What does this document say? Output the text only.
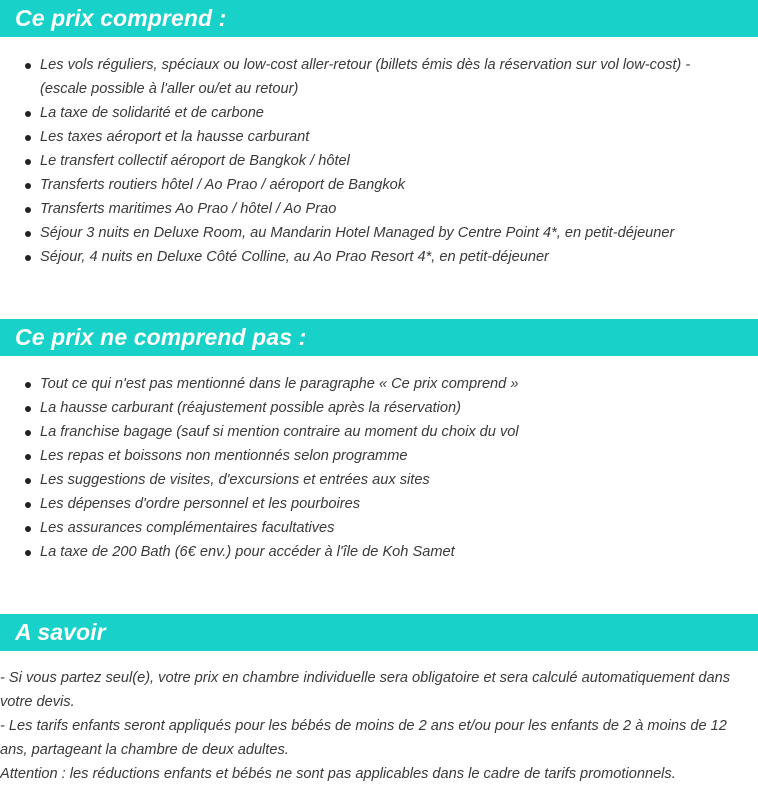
Ce prix comprend :
Les vols réguliers, spéciaux ou low-cost aller-retour (billets émis dès la réservation sur vol low-cost) - (escale possible à l'aller ou/et au retour)
La taxe de solidarité et de carbone
Les taxes aéroport et la hausse carburant
Le transfert collectif aéroport de Bangkok / hôtel
Transferts routiers hôtel / Ao Prao / aéroport de Bangkok
Transferts maritimes Ao Prao / hôtel / Ao Prao
Séjour 3 nuits en Deluxe Room, au Mandarin Hotel Managed by Centre Point 4*, en petit-déjeuner
Séjour, 4 nuits en Deluxe Côté Colline, au Ao Prao Resort 4*, en petit-déjeuner
Ce prix ne comprend pas :
Tout ce qui n'est pas mentionné dans le paragraphe « Ce prix comprend »
La hausse carburant (réajustement possible après la réservation)
La franchise bagage (sauf si mention contraire au moment du choix du vol
Les repas et boissons non mentionnés selon programme
Les suggestions de visites, d'excursions et entrées aux sites
Les dépenses d'ordre personnel et les pourboires
Les assurances complémentaires facultatives
La taxe de 200 Bath (6€ env.) pour accéder à l'île de Koh Samet
A savoir

- Si vous partez seul(e), votre prix en chambre individuelle sera obligatoire et sera calculé automatiquement dans votre devis.

- Les tarifs enfants seront appliqués pour les bébés de moins de 2 ans et/ou pour les enfants de 2 à moins de 12 ans, partageant la chambre de deux adultes.

Attention : les réductions enfants et bébés ne sont pas applicables dans le cadre de tarifs promotionnels.
